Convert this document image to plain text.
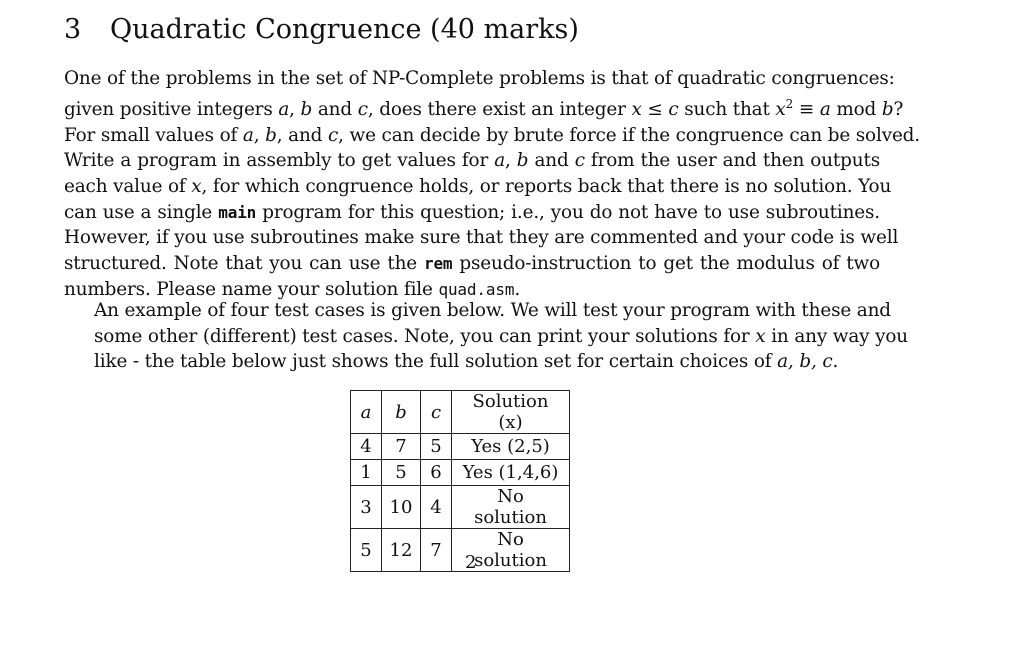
3 Quadratic Congruence (40 marks)
One of the problems in the set of NP-Complete problems is that of quadratic congruences:
given positive integers a, b and c, does there exist an integer x ≤ c such that $x^2 \equiv a$ mod b?
For small values of a, b, and c, we can decide by brute force if the congruence can be solved.
Write a program in assembly to get values for a, b and c from the user and then outputs
each value of x, for which congruence holds, or reports back that there is no solution. You
can use a single main program for this question; i.e., you do not have to use subroutines.
However, if you use subroutines make sure that they are commented and your code is well
structured. Note that you can use the rem pseudo-instruction to get the modulus of two
numbers. Please name your solution file quad.asm.
An example of four test cases is given below. We will test your program with these and
some other (different) test cases. Note, you can print your solutions for x in any way you
like - the table below just shows the full solution set for certain choices of a, b, c.
a	b	c	Solution (x)
4	7	5	Yes (2,5)
1	5	6	Yes (1,4,6)
3	10	4	No solution
5	12	7	No solution
2
